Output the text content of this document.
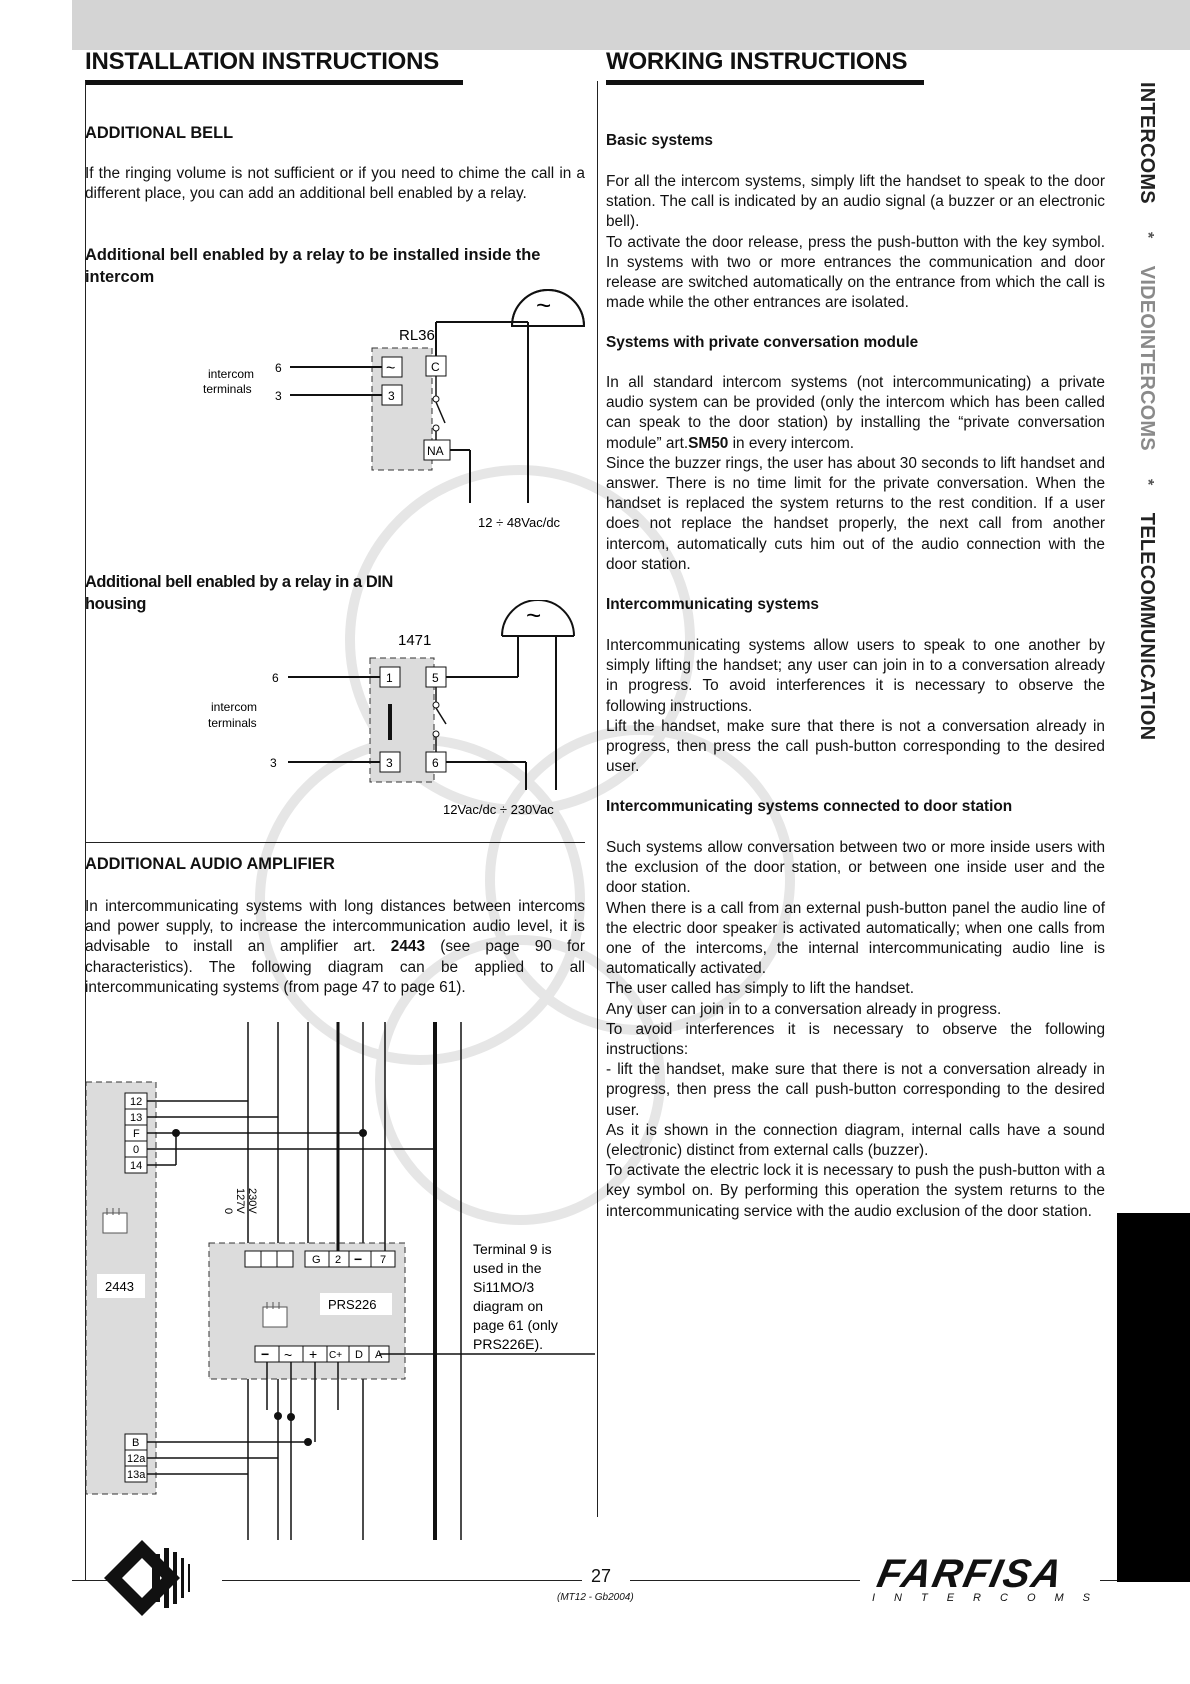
INSTALLATION INSTRUCTIONS	WORKING INSTRUCTIONS
INTERCOMS * VIDEOINTERCOMS * TELECOMMUNICATION
ADDITIONAL BELL
If the ringing volume is not sufficient or if you need to chime the call in a different place, you can add an additional bell enabled by a relay.
Additional bell enabled by a relay to be installed inside the intercom
~
RL36
intercom
terminals
6
3
~
3
C
NA
12 ÷ 48Vac/dc
Additional bell enabled by a relay in a DIN housing	~
1471
6
intercom
terminals
3
1
3
5
6
12Vac/dc ÷ 230Vac
ADDITIONAL AUDIO AMPLIFIER
In intercommunicating systems with long distances between intercoms and power supply, to increase the intercommunication audio level, it is advisable to install an amplifier art. 2443 (see page 90 for characteristics). The following diagram can be applied to all intercommunicating systems (from page 47 to page 61).
12
13
F
0
14
2443
B
12a
13a
230V
127V
0
G 2 − 7
PRS226
− ~ + C+ D A
Terminal 9 is
used in the
Si11MO/3
diagram on
page 61 (only
PRS226E).
Basic systems
For all the intercom systems, simply lift the handset to speak to the door station. The call is indicated by an audio signal (a buzzer or an electronic bell).
To activate the door release, press the push-button with the key symbol. In systems with two or more entrances the communication and door release are switched automatically on the entrance from which the call is made while the other entrances are isolated.
Systems with private conversation module
In all standard intercom systems (not intercommunicating) a private audio system can be provided (only the intercom which has been called can speak to the door station) by installing the “private conversation module” art.SM50 in every intercom.
Since the buzzer rings, the user has about 30 seconds to lift handset and answer. There is no time limit for the private conversation. When the handset is replaced the system returns to the rest condition. If a user does not replace the handset properly, the next call from another intercom, automatically cuts him out of the audio connection with the door station.
Intercommunicating systems
Intercommunicating systems allow users to speak to one another by simply lifting the handset; any user can join in to a conversation already in progress. To avoid interferences it is necessary to observe the following instructions.
Lift the handset, make sure that there is not a conversation already in progress, then press the call push-button corresponding to the desired user.
Intercommunicating systems connected to door station
Such systems allow conversation between two or more inside users with the exclusion of the door station, or between one inside user and the door station.
When there is a call from an external push-button panel the audio line of the electric door speaker is activated automatically; when one calls from one of the intercoms, the internal intercommunicating audio line is automatically activated.
The user called has simply to lift the handset.
Any user can join in to a conversation already in progress.
To avoid interferences it is necessary to observe the following instructions:
- lift the handset, make sure that there is not a conversation already in progress, then press the call push-button corresponding to the desired user.
As it is shown in the connection diagram, internal calls have a sound (electronic) distinct from external calls (buzzer).
To activate the electric lock it is necessary to push the push-button with a key symbol on. By performing this operation the system returns to the intercommunicating service with the audio exclusion of the door station.
27
(MT12 - Gb2004)
FARFISA
INTERCOMS
